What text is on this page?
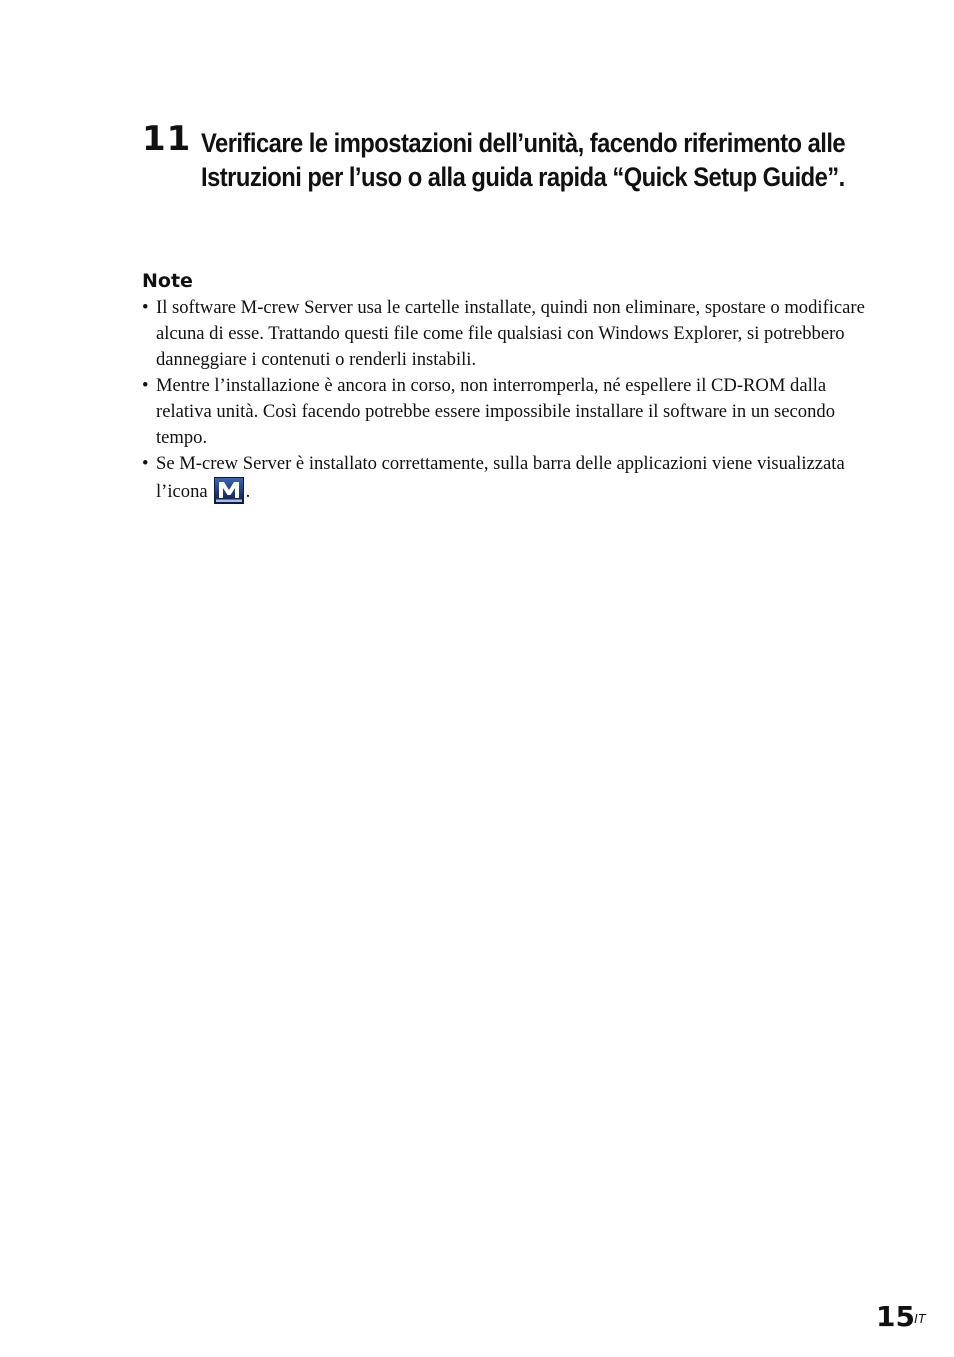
11 Verificare le impostazioni dell’unità, facendo riferimento alle Istruzioni per l’uso o alla guida rapida “Quick Setup Guide”.
Note
• Il software M-crew Server usa le cartelle installate, quindi non eliminare, spostare o modificare alcuna di esse. Trattando questi file come file qualsiasi con Windows Explorer, si potrebbero danneggiare i contenuti o renderli instabili.
• Mentre l’installazione è ancora in corso, non interromperla, né espellere il CD-ROM dalla relativa unità. Così facendo potrebbe essere impossibile installare il software in un secondo tempo.
• Se M-crew Server è installato correttamente, sulla barra delle applicazioni viene visualizzata l’icona .
15 IT
